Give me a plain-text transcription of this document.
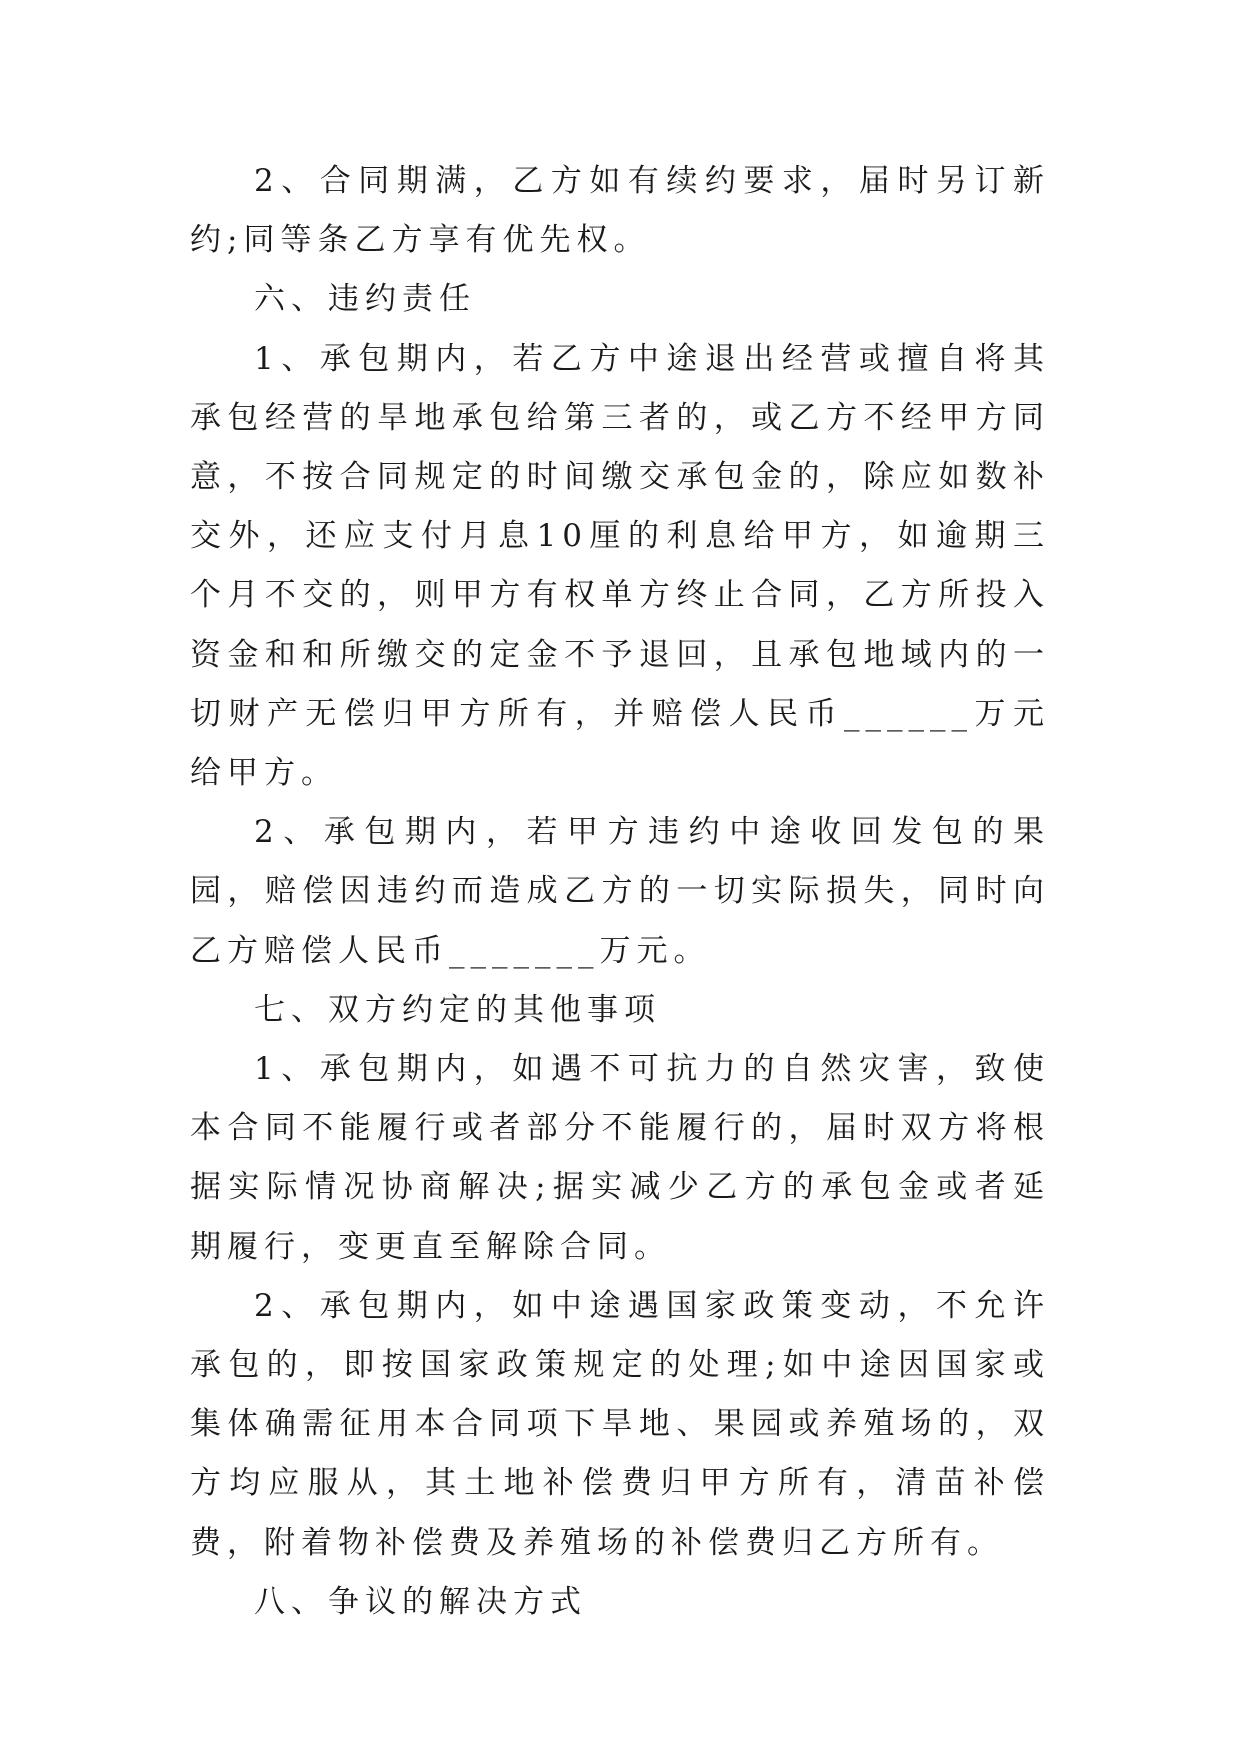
2、合同期满，乙方如有续约要求，届时另订新约;同等条乙方享有优先权。

六、违约责任

1、承包期内，若乙方中途退出经营或擅自将其承包经营的旱地承包给第三者的，或乙方不经甲方同意，不按合同规定的时间缴交承包金的，除应如数补交外，还应支付月息10厘的利息给甲方，如逾期三个月不交的，则甲方有权单方终止合同，乙方所投入资金和和所缴交的定金不予退回，且承包地域内的一切财产无偿归甲方所有，并赔偿人民币______万元给甲方。

2、承包期内，若甲方违约中途收回发包的果园，赔偿因违约而造成乙方的一切实际损失，同时向乙方赔偿人民币_______万元。

七、双方约定的其他事项

1、承包期内，如遇不可抗力的自然灾害，致使本合同不能履行或者部分不能履行的，届时双方将根据实际情况协商解决;据实减少乙方的承包金或者延期履行，变更直至解除合同。

2、承包期内，如中途遇国家政策变动，不允许承包的，即按国家政策规定的处理;如中途因国家或集体确需征用本合同项下旱地、果园或养殖场的，双方均应服从，其土地补偿费归甲方所有，清苗补偿费，附着物补偿费及养殖场的补偿费归乙方所有。

八、争议的解决方式
